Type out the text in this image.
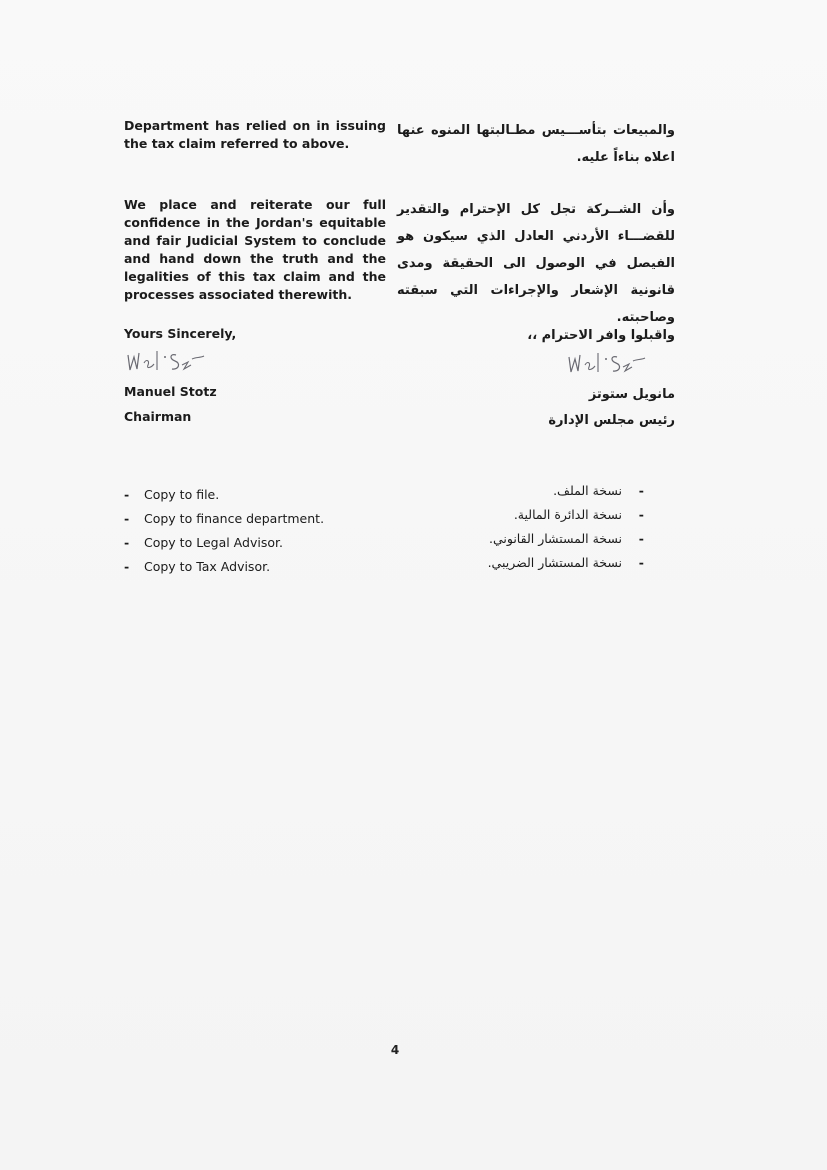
Department has relied on in issuing the tax claim referred to above.
والمبيعات بتأســـيس مطـالبتها المنوه عنها اعلاه بناءاً عليه.
We place and reiterate our full confidence in the Jordan's equitable and fair Judicial System to conclude and hand down the truth and the legalities of this tax claim and the processes associated therewith.
وأن الشــركة تجل كل الإحترام والتقدير للقضـــاء الأردني العادل الذي سيكون هو الفيصل في الوصول الى الحقيقة ومدى قانونية الإشعار والإجراءات التي سبقته وصاحبته.
Yours Sincerely,	واقبلوا وافر الاحترام ،،
Manuel Stotz
Chairman
مانويل ستوتز
رئيس مجلس الإدارة
- Copy to file.
- Copy to finance department.
- Copy to Legal Advisor.
- Copy to Tax Advisor.
-نسخة الملف.
-نسخة الدائرة المالية.
-نسخة المستشار القانوني.
-نسخة المستشار الضريبي.
4
